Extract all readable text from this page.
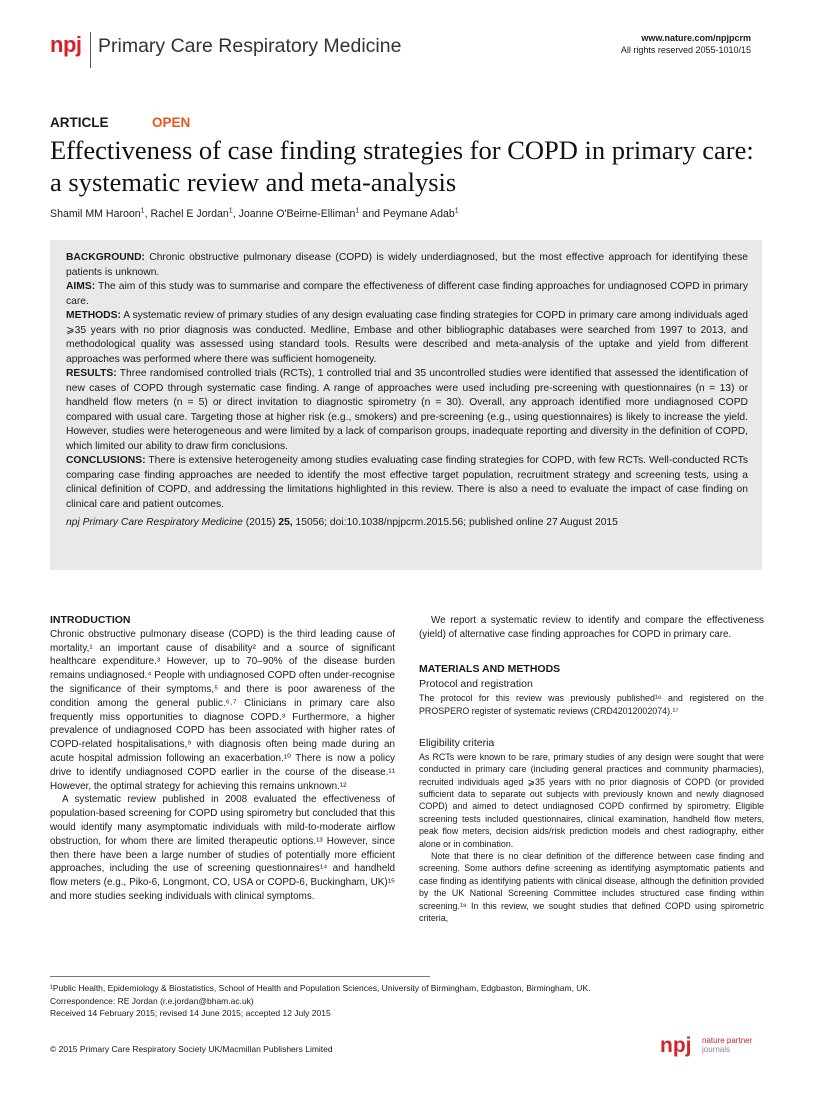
npj Primary Care Respiratory Medicine	www.nature.com/npjpcrm
All rights reserved 2055-1010/15
ARTICLE	OPEN
Effectiveness of case finding strategies for COPD in primary care: a systematic review and meta-analysis
Shamil MM Haroon$^1$, Rachel E Jordan$^1$, Joanne O'Beirne-Elliman$^1$ and Peymane Adab$^1$

BACKGROUND: Chronic obstructive pulmonary disease (COPD) is widely underdiagnosed, but the most effective approach for identifying these patients is unknown.

AIMS: The aim of this study was to summarise and compare the effectiveness of different case finding approaches for undiagnosed COPD in primary care.

METHODS: A systematic review of primary studies of any design evaluating case finding strategies for COPD in primary care among individuals aged ⩾35 years with no prior diagnosis was conducted. Medline, Embase and other bibliographic databases were searched from 1997 to 2013, and methodological quality was assessed using standard tools. Results were described and meta-analysis of the uptake and yield from different approaches was performed where there was sufficient homogeneity.

RESULTS: Three randomised controlled trials (RCTs), 1 controlled trial and 35 uncontrolled studies were identified that assessed the identification of new cases of COPD through systematic case finding. A range of approaches were used including pre-screening with questionnaires (n = 13) or handheld flow meters (n = 5) or direct invitation to diagnostic spirometry (n = 30). Overall, any approach identified more undiagnosed COPD compared with usual care. Targeting those at higher risk (e.g., smokers) and pre-screening (e.g., using questionnaires) is likely to increase the yield. However, studies were heterogeneous and were limited by a lack of comparison groups, inadequate reporting and diversity in the definition of COPD, which limited our ability to draw firm conclusions.

CONCLUSIONS: There is extensive heterogeneity among studies evaluating case finding strategies for COPD, with few RCTs. Well-conducted RCTs comparing case finding approaches are needed to identify the most effective target population, recruitment strategy and screening tests, using a clinical definition of COPD, and addressing the limitations highlighted in this review. There is also a need to evaluate the impact of case finding on clinical care and patient outcomes.

npj Primary Care Respiratory Medicine (2015) 25, 15056; doi:10.1038/npjpcrm.2015.56; published online 27 August 2015

INTRODUCTION

Chronic obstructive pulmonary disease (COPD) is the third leading cause of mortality,¹ an important cause of disability² and a source of significant healthcare expenditure.³ However, up to 70–90% of the disease burden remains undiagnosed.⁴ People with undiagnosed COPD often under-recognise the significance of their symptoms,⁵ and there is poor awareness of the condition among the general public.⁶˒⁷ Clinicians in primary care also frequently miss opportunities to diagnose COPD.⁸ Furthermore, a higher prevalence of undiagnosed COPD has been associated with higher rates of COPD-related hospitalisations,⁹ with diagnosis often being made during an acute hospital admission following an exacerbation.¹⁰ There is now a policy drive to identify undiagnosed COPD earlier in the course of the disease.¹¹ However, the optimal strategy for achieving this remains unknown.¹²

A systematic review published in 2008 evaluated the effectiveness of population-based screening for COPD using spirometry but concluded that this would identify many asymptomatic individuals with mild-to-moderate airflow obstruction, for whom there are limited therapeutic options.¹³ However, since then there have been a large number of studies of potentially more efficient approaches, including the use of screening questionnaires¹⁴ and handheld flow meters (e.g., Piko-6, Longmont, CO, USA or COPD-6, Buckingham, UK)¹⁵ and more studies seeking individuals with clinical symptoms.

We report a systematic review to identify and compare the effectiveness (yield) of alternative case finding approaches for COPD in primary care.

MATERIALS AND METHODS
Protocol and registration

The protocol for this review was previously published¹⁶ and registered on the PROSPERO register of systematic reviews (CRD42012002074).¹⁷

Eligibility criteria

As RCTs were known to be rare, primary studies of any design were sought that were conducted in primary care (including general practices and community pharmacies), recruited individuals aged ⩾35 years with no prior diagnosis of COPD (or provided sufficient data to separate out subjects with previously known and newly diagnosed COPD) and aimed to detect undiagnosed COPD confirmed by spirometry. Eligible screening tests included questionnaires, clinical examination, handheld flow meters, peak flow meters, decision aids/risk prediction models and chest radiography, either alone or in combination.

Note that there is no clear definition of the difference between case finding and screening. Some authors define screening as identifying asymptomatic patients and case finding as identifying patients with clinical disease, although the definition provided by the UK National Screening Committee includes structured case finding within screening.¹⁸ In this review, we sought studies that defined COPD using spirometric criteria,

¹Public Health, Epidemiology & Biostatistics, School of Health and Population Sciences, University of Birmingham, Edgbaston, Birmingham, UK.
Correspondence: RE Jordan (r.e.jordan@bham.ac.uk)
Received 14 February 2015; revised 14 June 2015; accepted 12 July 2015
© 2015 Primary Care Respiratory Society UK/Macmillan Publishers Limited	npj nature partner
journals
